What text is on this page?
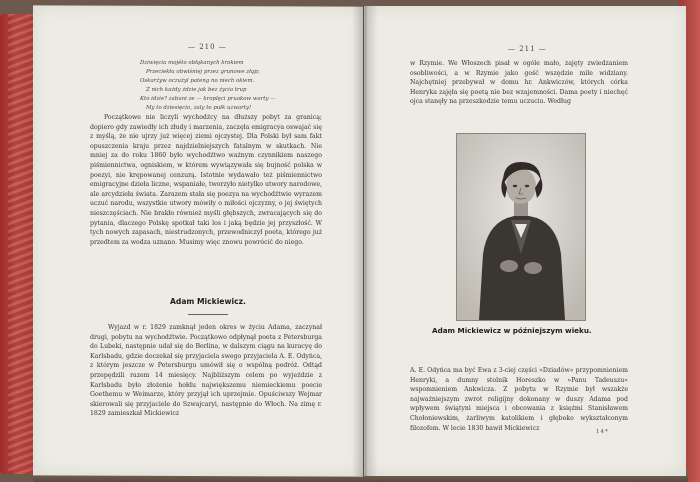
— 210 —
Dziwięcia mojéto obłąkanych krokiem
Przeciekłu obwiśniej przez grunowe złąp;
Oskarżyw oczużyl pateng no niech okiem.
Z nich każdy żdzie jak bez życia trup
Kto idzie? zabuni ze — kroplęci pruakow warty —
My to dziesięcio, zaly to pułk uzwarty!
Początkowe nie liczyli wychodźcy na dłuższy pobyt za granicą; dopiero gdy zawiedły ich złudy i marzenia, zaczęła emigracya oswajać się z myślą, że nie ujrzy już więcej ziemi ojczystej. Dla Polski był sam fakt opuszczenia kraju przez najdzielniejszych fatalnym w skutkach. Nie mniej za do roku 1860 było wychodźtwo ważnym czynnikiem naszego piśmiennictwa, ogniskiem, w którem wywiązywała się bujność polska w poezyi, nie krępowanej cenzurą. Istotnie wydawało też piśmiennictwo emigracyjne dzieła liczne, wspaniałe, tworzyło nietylko utwory narodowe, ale arcydzieła świata. Zarazem stała się poezya na wychodźtwie wyrazem uczuć narodu, wszystkie utwory mówiły o miłości ojczyzny, o jej świętych nieszczęściach. Nie brakło również myśli głębszych, zwracających się do pytania, dlaczego Polskę spotkał taki los i jaką będzie jej przyszłość. W tych nowych zapasach, niestrudzonych, przewodniczył poeta, którego już przedtem za wodza uznano. Musimy więc znowu powrócić do niego.
Adam Mickiewicz.
Wyjazd w r. 1829 zamknął jeden okres w życiu Adama, zaczynał drugi, pobytu na wychodźtwie. Początkowo odpłynął poeta z Petersburga do Lubeki, następnie udał się do Berlina, w dalszym ciągu na kuracyę do Karlsbadu, gdzie doczekał się przyjaciela swego przyjaciela A. E. Odyńca, z którym jeszcze w Petersburgu umówił się o wspólną podróż. Odtąd przepędzili razem 14 miesięcy. Najbliższym celem po wyjeździe z Karlsbadu było złożenie hołdu największemu niemieckiemu poecie Goethemu w Weimarze, który przyjął ich uprzejmie. Opuściwszy Wejmar skierowali się przyjaciele do Szwajcaryi, następnie do Włoch. Na zimę r. 1829 zamieszkał Mickiewicz
— 211 —
w Rzymie. We Włoszech pisał w ogóle mało, zajęty zwiedzaniem osobliwości, a w Rzymie jako gość wszędzie mile widziany. Najchętniej przebywał w domu hr. Ankwiczów, których córka Henryka zajęła się poetą nie bez wzajemności. Dama poety i niechęć ojca stanęły na przeszkodzie temu uczuciu. Według
Adam Mickiewicz w późniejszym wieku.
A. E. Odyńca ma być Ewa z 3-ciej części »Dziadów« przypomnieniem Henryki, a dumny stolnik Horeszko w »Panu Tadeuszu« wspomnieniem Ankwicza. Z pobytu w Rzymie był wszakże najważniejszym zwrot religijny dokonany w duszy Adama pod wpływem świątyni miejsca i obcowania z księżmi Stanisławem Chołoniewskim, żarliwym katolikiem i głęboko wykształconym filozofem. W lecie 1830 bawił Mickiewicz
14*
